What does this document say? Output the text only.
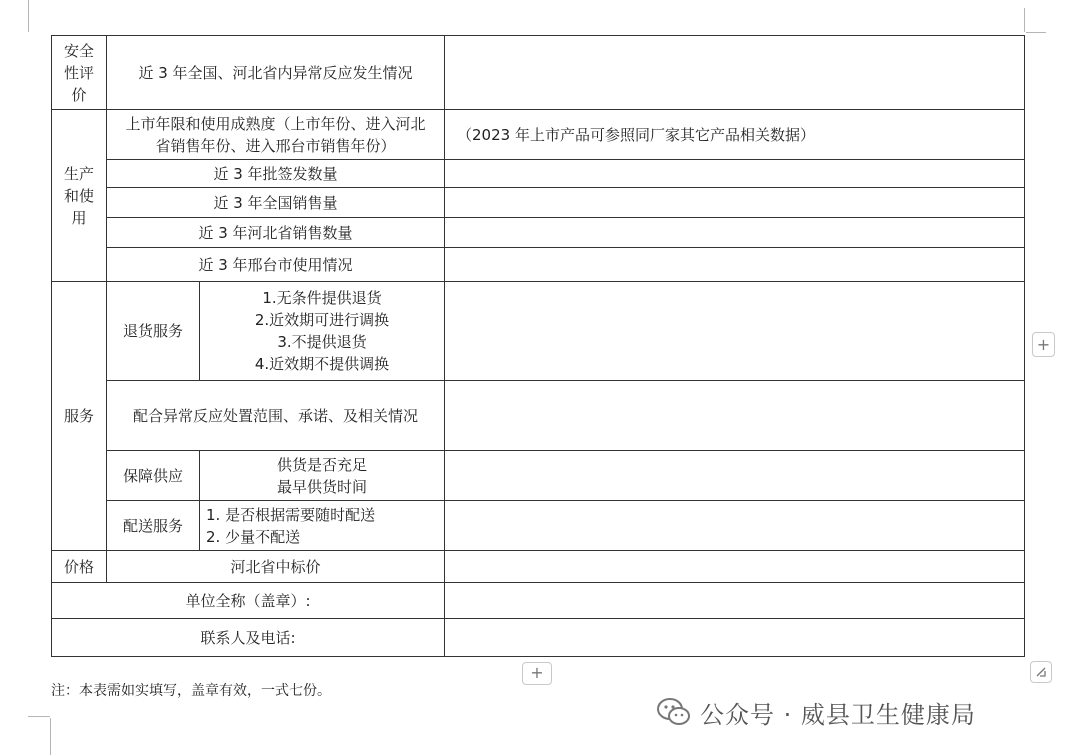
安全
性评
价	近 3 年全国、河北省内异常反应发生情况		
生产
和使
用	上市年限和使用成熟度（上市年份、进入河北
省销售年份、进入邢台市销售年份）		（2023 年上市产品可参照同厂家其它产品相关数据）
	近 3 年批签发数量		
	近 3 年全国销售量		
	近 3 年河北省销售数量		
	近 3 年邢台市使用情况		
服务	退货服务	1.无条件提供退货
2.近效期可进行调换
3.不提供退货
4.近效期不提供调换	
	配合异常反应处置范围、承诺、及相关情况		
	保障供应	供货是否充足
最早供货时间	
	配送服务	1. 是否根据需要随时配送
2. 少量不配送	
价格	河北省中标价		
单位全称（盖章）:			
联系人及电话:			
+
+
注：本表需如实填写，盖章有效，一式七份。
公众号 · 威县卫生健康局
